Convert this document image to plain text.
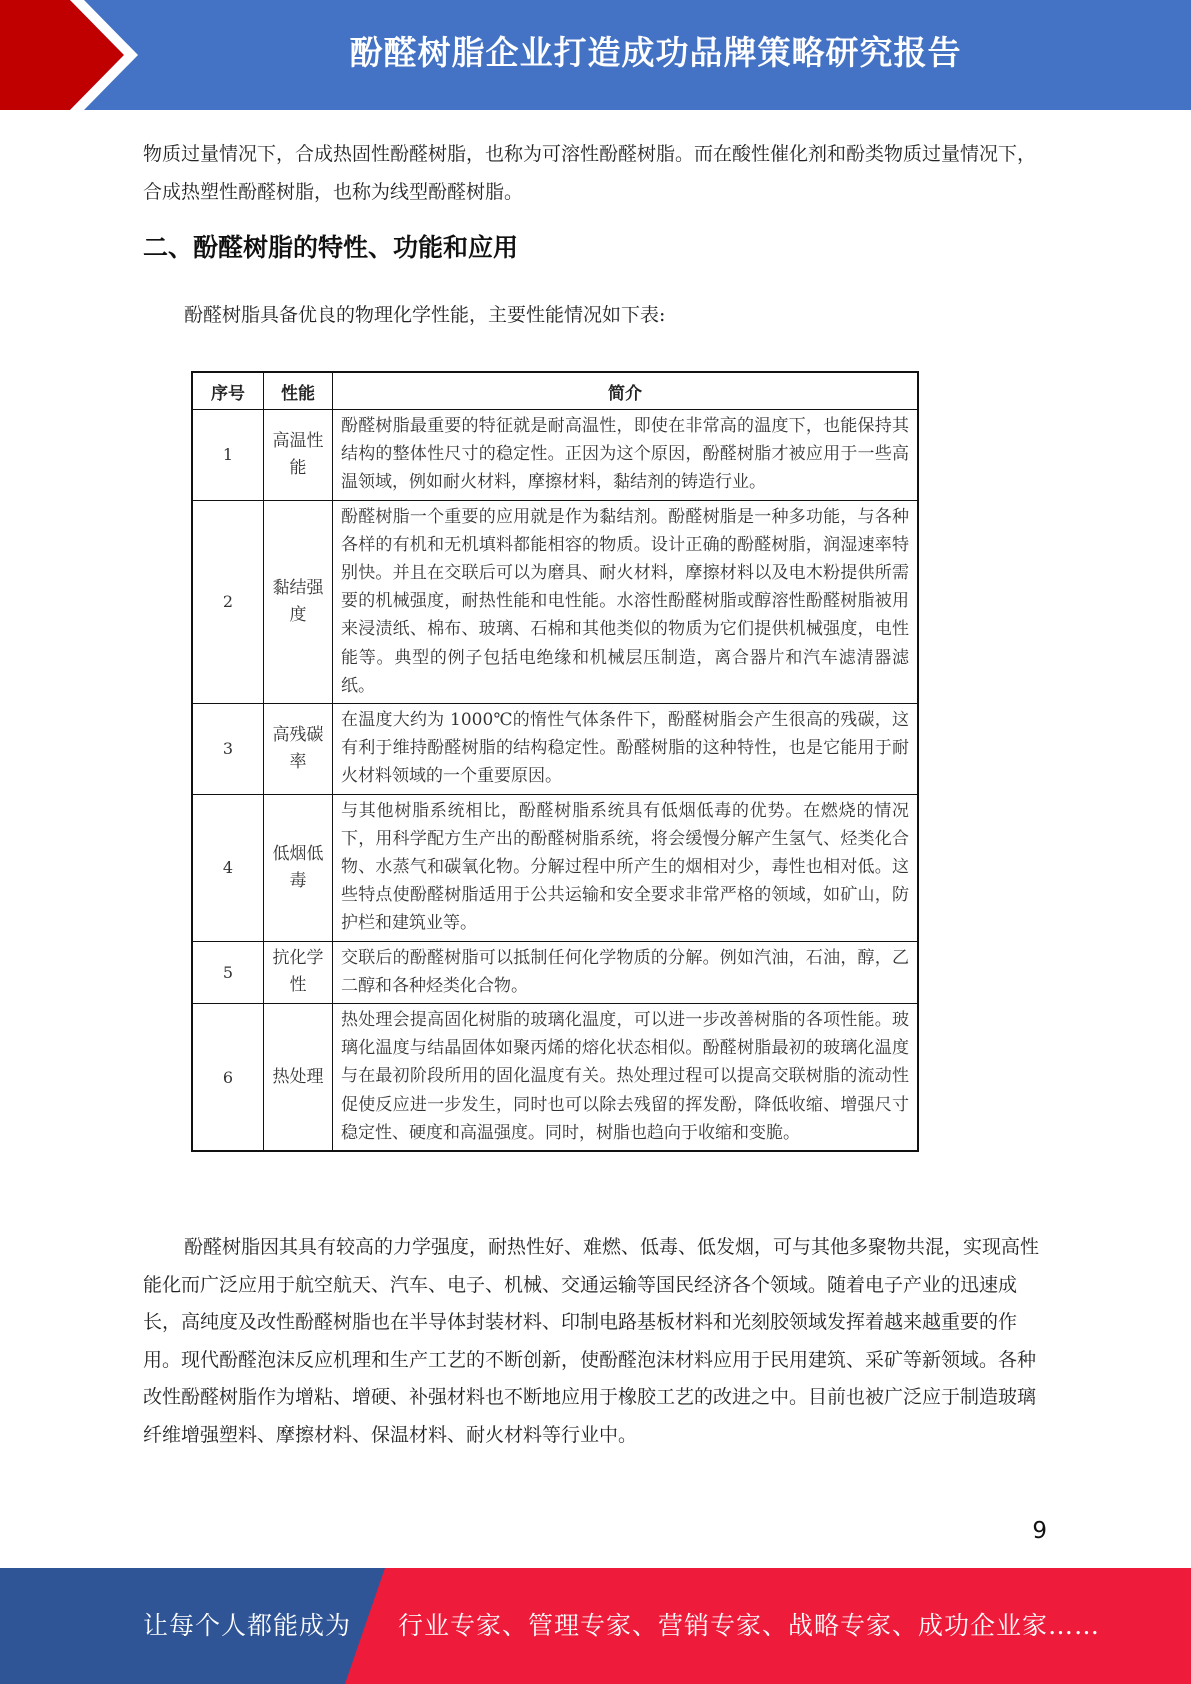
酚醛树脂企业打造成功品牌策略研究报告

物质过量情况下，合成热固性酚醛树脂，也称为可溶性酚醛树脂。而在酸性催化剂和酚类物质过量情况下，合成热塑性酚醛树脂，也称为线型酚醛树脂。

二、酚醛树脂的特性、功能和应用

酚醛树脂具备优良的物理化学性能，主要性能情况如下表:

序号	性能	简介
1	高温性能	酚醛树脂最重要的特征就是耐高温性，即使在非常高的温度下，也能保持其结构的整体性尺寸的稳定性。正因为这个原因，酚醛树脂才被应用于一些高温领域，例如耐火材料，摩擦材料，黏结剂的铸造行业。
2	黏结强度	酚醛树脂一个重要的应用就是作为黏结剂。酚醛树脂是一种多功能，与各种各样的有机和无机填料都能相容的物质。设计正确的酚醛树脂，润湿速率特别快。并且在交联后可以为磨具、耐火材料，摩擦材料以及电木粉提供所需要的机械强度，耐热性能和电性能。水溶性酚醛树脂或醇溶性酚醛树脂被用来浸渍纸、棉布、玻璃、石棉和其他类似的物质为它们提供机械强度，电性能等。典型的例子包括电绝缘和机械层压制造，离合器片和汽车滤清器滤纸。
3	高残碳率	在温度大约为 1000℃的惰性气体条件下，酚醛树脂会产生很高的残碳，这有利于维持酚醛树脂的结构稳定性。酚醛树脂的这种特性，也是它能用于耐火材料领域的一个重要原因。
4	低烟低毒	与其他树脂系统相比，酚醛树脂系统具有低烟低毒的优势。在燃烧的情况下，用科学配方生产出的酚醛树脂系统，将会缓慢分解产生氢气、烃类化合物、水蒸气和碳氧化物。分解过程中所产生的烟相对少，毒性也相对低。这些特点使酚醛树脂适用于公共运输和安全要求非常严格的领域，如矿山，防护栏和建筑业等。
5	抗化学性	交联后的酚醛树脂可以抵制任何化学物质的分解。例如汽油，石油，醇，乙二醇和各种烃类化合物。
6	热处理	热处理会提高固化树脂的玻璃化温度，可以进一步改善树脂的各项性能。玻璃化温度与结晶固体如聚丙烯的熔化状态相似。酚醛树脂最初的玻璃化温度与在最初阶段所用的固化温度有关。热处理过程可以提高交联树脂的流动性促使反应进一步发生，同时也可以除去残留的挥发酚，降低收缩、增强尺寸稳定性、硬度和高温强度。同时，树脂也趋向于收缩和变脆。

酚醛树脂因其具有较高的力学强度，耐热性好、难燃、低毒、低发烟，可与其他多聚物共混，实现高性能化而广泛应用于航空航天、汽车、电子、机械、交通运输等国民经济各个领域。随着电子产业的迅速成长，高纯度及改性酚醛树脂也在半导体封装材料、印制电路基板材料和光刻胶领域发挥着越来越重要的作用。现代酚醛泡沫反应机理和生产工艺的不断创新，使酚醛泡沫材料应用于民用建筑、采矿等新领域。各种改性酚醛树脂作为增粘、增硬、补强材料也不断地应用于橡胶工艺的改进之中。目前也被广泛应于制造玻璃纤维增强塑料、摩擦材料、保温材料、耐火材料等行业中。

9
让每个人都能成为 行业专家、管理专家、营销专家、战略专家、成功企业家……
